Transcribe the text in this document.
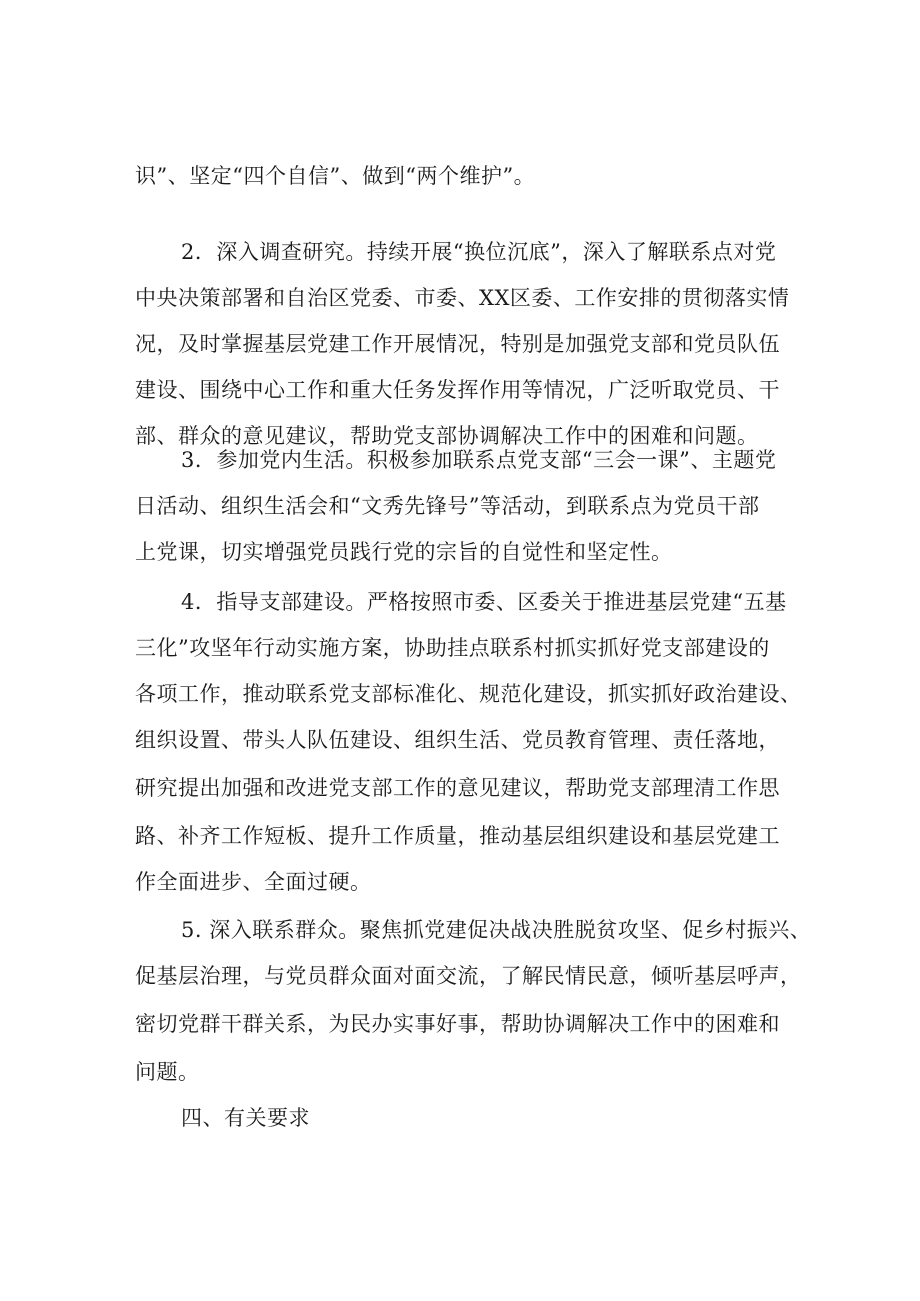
识”、坚定“四个自信”、做到“两个维护”。
2．深入调查研究。持续开展“换位沉底”，深入了解联系点对党
中央决策部署和自治区党委、市委、XX区委、工作安排的贯彻落实情
况，及时掌握基层党建工作开展情况，特别是加强党支部和党员队伍
建设、围绕中心工作和重大任务发挥作用等情况，广泛听取党员、干
部、群众的意见建议，帮助党支部协调解决工作中的困难和问题。
3．参加党内生活。积极参加联系点党支部“三会一课”、主题党
日活动、组织生活会和“文秀先锋号”等活动，到联系点为党员干部
上党课，切实增强党员践行党的宗旨的自觉性和坚定性。
4．指导支部建设。严格按照市委、区委关于推进基层党建“五基
三化”攻坚年行动实施方案，协助挂点联系村抓实抓好党支部建设的
各项工作，推动联系党支部标准化、规范化建设，抓实抓好政治建设、
组织设置、带头人队伍建设、组织生活、党员教育管理、责任落地，
研究提出加强和改进党支部工作的意见建议，帮助党支部理清工作思
路、补齐工作短板、提升工作质量，推动基层组织建设和基层党建工
作全面进步、全面过硬。
5. 深入联系群众。聚焦抓党建促决战决胜脱贫攻坚、促乡村振兴、
促基层治理，与党员群众面对面交流，了解民情民意，倾听基层呼声，
密切党群干群关系，为民办实事好事，帮助协调解决工作中的困难和
问题。
四、有关要求
